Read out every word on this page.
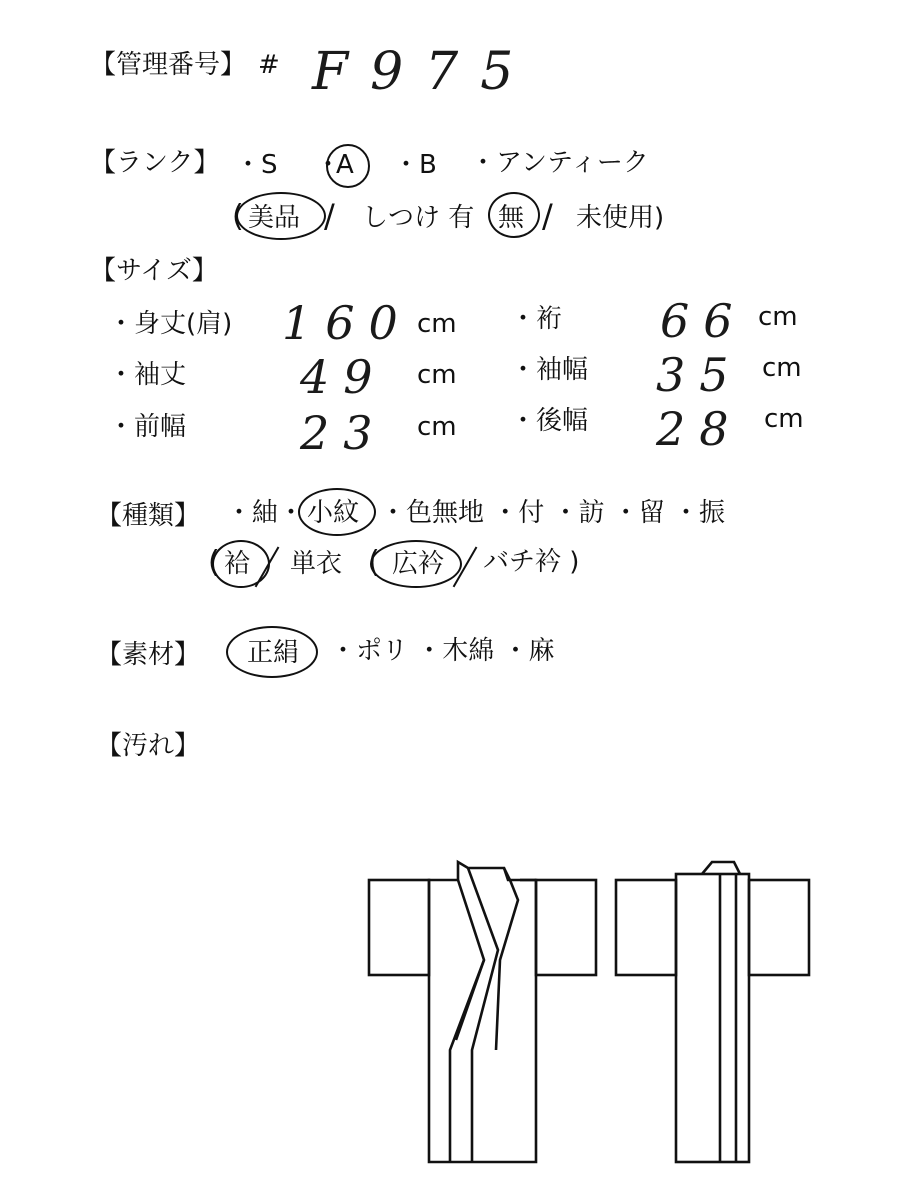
【管理番号】 # F975
【ランク】 ・S ・
A ・B ・アンティーク
( 美品 / しつけ 有 無 / 未使用)
【サイズ】
・身丈(肩) 160 cm ・裄 66 cm
・袖丈 49 cm ・袖幅 35 cm
・前幅 23 cm ・後幅 28 cm
【種類】 ・紬・ 小紋 ・色無地 ・付 ・訪 ・留 ・振
( 袷 単衣 ( 広衿 バチ衿 )
【素材】 正絹 ・ポリ ・木綿 ・麻
【汚れ】
